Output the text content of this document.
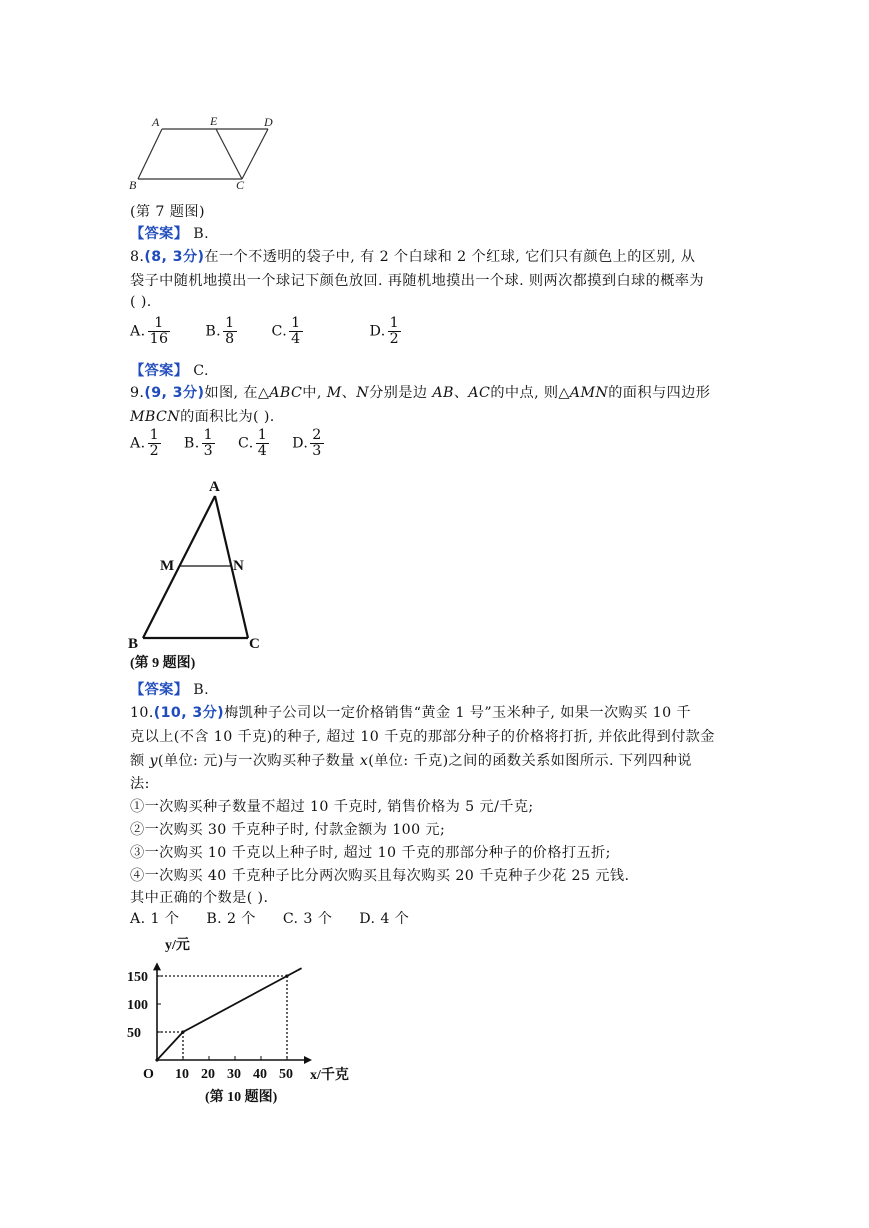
A	E	D
B	C
(第 7 题图)
【答案】 B.
8.(8, 3分)在一个不透明的袋子中, 有 2 个白球和 2 个红球, 它们只有颜色上的区别, 从
袋子中随机地摸出一个球记下颜色放回. 再随机地摸出一个球. 则两次都摸到白球的概率为
( ).
A. $\frac{1}{16} B$. $\frac{1}{8} C$. $\frac{1}{4}$	D. $\frac{1}{2}$
【答案】 C.
9.(9, 3分)如图, 在△ABC中, M、N分别是边 AB、AC的中点, 则△AMN的面积与四边形
MBCN的面积比为( ).
A. $\frac{1}{2} B$. $\frac{1}{3} C$. $\frac{1}{4} D$. $\frac{2}{3}$
A
M	N
B	C
(第 9 题图)
【答案】 B.
10.(10, 3分)梅凯种子公司以一定价格销售“黄金 1 号”玉米种子, 如果一次购买 10 千
克以上(不含 10 千克)的种子, 超过 10 千克的那部分种子的价格将打折, 并依此得到付款金
额 y(单位: 元)与一次购买种子数量 x(单位: 千克)之间的函数关系如图所示. 下列四种说
法:
①一次购买种子数量不超过 10 千克时, 销售价格为 5 元/千克;
②一次购买 30 千克种子时, 付款金额为 100 元;
③一次购买 10 千克以上种子时, 超过 10 千克的那部分种子的价格打五折;
④一次购买 40 千克种子比分两次购买且每次购买 20 千克种子少花 25 元钱.
其中正确的个数是( ).
A. 1 个 B. 2 个 C. 3 个 D. 4 个
y/元
x/千克
O
(第 10 题图)
150
100
50
10 20 30 40 50
